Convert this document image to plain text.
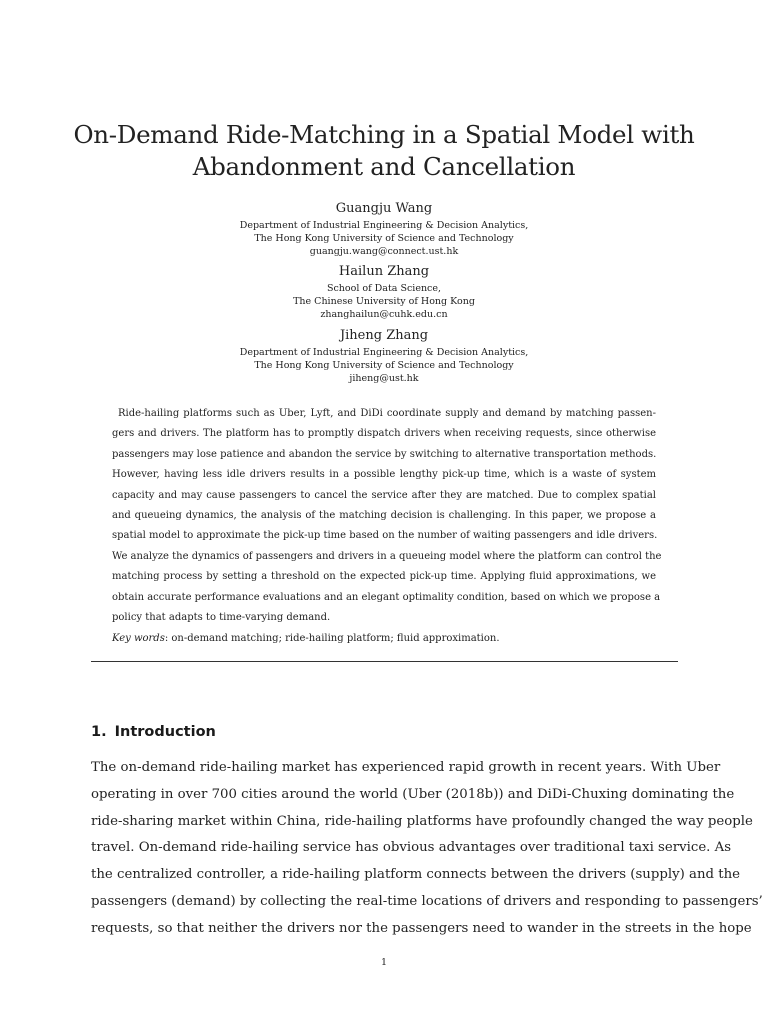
On-Demand Ride-Matching in a Spatial Model with
Abandonment and Cancellation
Guangju Wang
Department of Industrial Engineering & Decision Analytics,
The Hong Kong University of Science and Technology
guangju.wang@connect.ust.hk
Hailun Zhang
School of Data Science,
The Chinese University of Hong Kong
zhanghailun@cuhk.edu.cn
Jiheng Zhang
Department of Industrial Engineering & Decision Analytics,
The Hong Kong University of Science and Technology
jiheng@ust.hk
Ride-hailing platforms such as Uber, Lyft, and DiDi coordinate supply and demand by matching passen-
gers and drivers. The platform has to promptly dispatch drivers when receiving requests, since otherwise
passengers may lose patience and abandon the service by switching to alternative transportation methods.
However, having less idle drivers results in a possible lengthy pick-up time, which is a waste of system
capacity and may cause passengers to cancel the service after they are matched. Due to complex spatial
and queueing dynamics, the analysis of the matching decision is challenging. In this paper, we propose a
spatial model to approximate the pick-up time based on the number of waiting passengers and idle drivers.
We analyze the dynamics of passengers and drivers in a queueing model where the platform can control the
matching process by setting a threshold on the expected pick-up time. Applying fluid approximations, we
obtain accurate performance evaluations and an elegant optimality condition, based on which we propose a
policy that adapts to time-varying demand.
Key words: on-demand matching; ride-hailing platform; fluid approximation.
1. Introduction
The on-demand ride-hailing market has experienced rapid growth in recent years. With Uber
operating in over 700 cities around the world (Uber (2018b)) and DiDi-Chuxing dominating the
ride-sharing market within China, ride-hailing platforms have profoundly changed the way people
travel. On-demand ride-hailing service has obvious advantages over traditional taxi service. As
the centralized controller, a ride-hailing platform connects between the drivers (supply) and the
passengers (demand) by collecting the real-time locations of drivers and responding to passengers’
requests, so that neither the drivers nor the passengers need to wander in the streets in the hope
1
